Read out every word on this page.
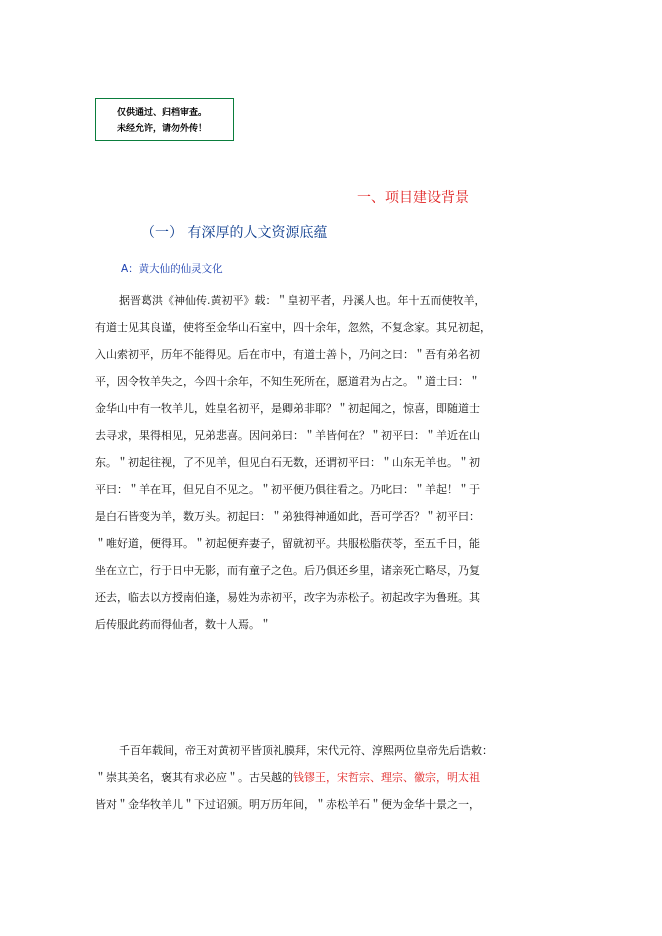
仅供通过、归档审查。
未经允许，请勿外传！
一、项目建设背景
（一） 有深厚的人文资源底蕴
A：黄大仙的仙灵文化
据晋葛洪《神仙传.黄初平》载：＂皇初平者，丹溪人也。年十五而使牧羊，
有道士见其良谨，使将至金华山石室中，四十余年，忽然，不复念家。其兄初起，
入山索初平，历年不能得见。后在市中，有道士善卜，乃问之曰：＂吾有弟名初
平，因令牧羊失之，今四十余年，不知生死所在，愿道君为占之。＂道士曰：＂
金华山中有一牧羊儿，姓皇名初平，是卿弟非耶？＂初起闻之，惊喜，即随道士
去寻求，果得相见，兄弟悲喜。因问弟曰：＂羊皆何在？＂初平曰：＂羊近在山
东。＂初起往视，了不见羊，但见白石无数，还谓初平曰：＂山东无羊也。＂初
平曰：＂羊在耳，但兄自不见之。＂初平便乃俱往看之。乃叱曰：＂羊起！＂于
是白石皆变为羊，数万头。初起曰：＂弟独得神通如此，吾可学否？＂初平曰：
＂唯好道，便得耳。＂初起便弃妻子，留就初平。共服松脂茯苓，至五千日，能
坐在立亡，行于日中无影，而有童子之色。后乃俱还乡里，诸亲死亡略尽，乃复
还去，临去以方授南伯逢，易姓为赤初平，改字为赤松子。初起改字为鲁班。其
后传服此药而得仙者，数十人焉。＂
千百年载间，帝王对黄初平皆顶礼膜拜，宋代元符、淳熙两位皇帝先后诰敕：
＂崇其美名，褒其有求必应＂。古吴越的钱镠王，宋哲宗、理宗、徽宗，明太祖
皆对＂金华牧羊儿＂下过诏颁。明万历年间，＂赤松羊石＂便为金华十景之一，
